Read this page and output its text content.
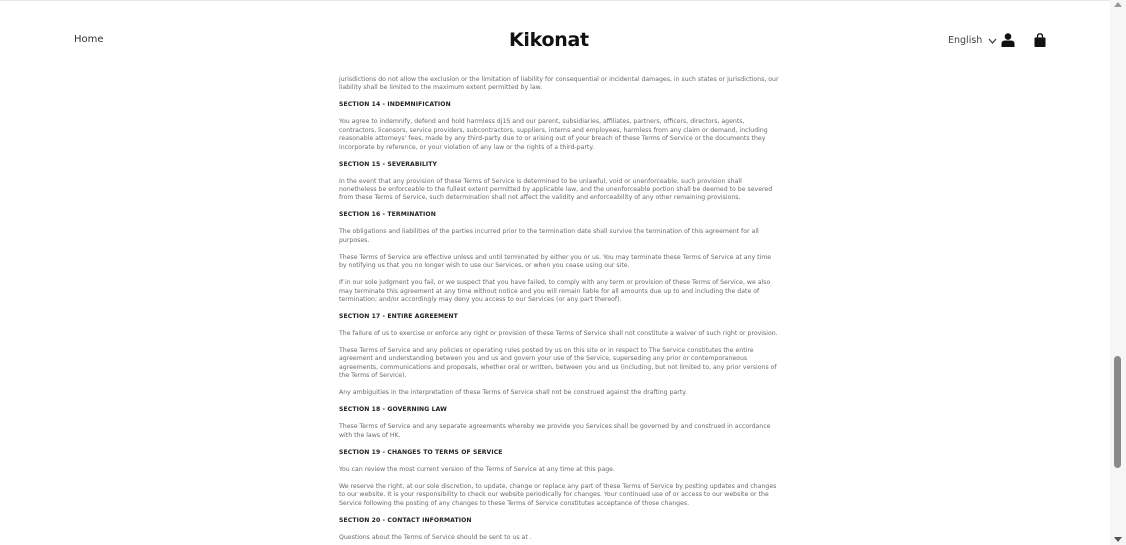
Home	Kikonat	English

jurisdictions do not allow the exclusion or the limitation of liability for consequential or incidental damages, in such states or jurisdictions, our liability shall be limited to the maximum extent permitted by law.

SECTION 14 - INDEMNIFICATION

You agree to indemnify, defend and hold harmless dj1S and our parent, subsidiaries, affiliates, partners, officers, directors, agents, contractors, licensors, service providers, subcontractors, suppliers, interns and employees, harmless from any claim or demand, including reasonable attorneys' fees, made by any third-party due to or arising out of your breach of these Terms of Service or the documents they incorporate by reference, or your violation of any law or the rights of a third-party.

SECTION 15 - SEVERABILITY

In the event that any provision of these Terms of Service is determined to be unlawful, void or unenforceable, such provision shall nonetheless be enforceable to the fullest extent permitted by applicable law, and the unenforceable portion shall be deemed to be severed from these Terms of Service, such determination shall not affect the validity and enforceability of any other remaining provisions.

SECTION 16 - TERMINATION

The obligations and liabilities of the parties incurred prior to the termination date shall survive the termination of this agreement for all purposes.

These Terms of Service are effective unless and until terminated by either you or us. You may terminate these Terms of Service at any time by notifying us that you no longer wish to use our Services, or when you cease using our site.

If in our sole judgment you fail, or we suspect that you have failed, to comply with any term or provision of these Terms of Service, we also may terminate this agreement at any time without notice and you will remain liable for all amounts due up to and including the date of termination; and/or accordingly may deny you access to our Services (or any part thereof).

SECTION 17 - ENTIRE AGREEMENT

The failure of us to exercise or enforce any right or provision of these Terms of Service shall not constitute a waiver of such right or provision.

These Terms of Service and any policies or operating rules posted by us on this site or in respect to The Service constitutes the entire agreement and understanding between you and us and govern your use of the Service, superseding any prior or contemporaneous agreements, communications and proposals, whether oral or written, between you and us (including, but not limited to, any prior versions of the Terms of Service).

Any ambiguities in the interpretation of these Terms of Service shall not be construed against the drafting party.

SECTION 18 - GOVERNING LAW

These Terms of Service and any separate agreements whereby we provide you Services shall be governed by and construed in accordance with the laws of HK.

SECTION 19 - CHANGES TO TERMS OF SERVICE

You can review the most current version of the Terms of Service at any time at this page.

We reserve the right, at our sole discretion, to update, change or replace any part of these Terms of Service by posting updates and changes to our website. It is your responsibility to check our website periodically for changes. Your continued use of or access to our website or the Service following the posting of any changes to these Terms of Service constitutes acceptance of those changes.

SECTION 20 - CONTACT INFORMATION

Questions about the Terms of Service should be sent to us at .
